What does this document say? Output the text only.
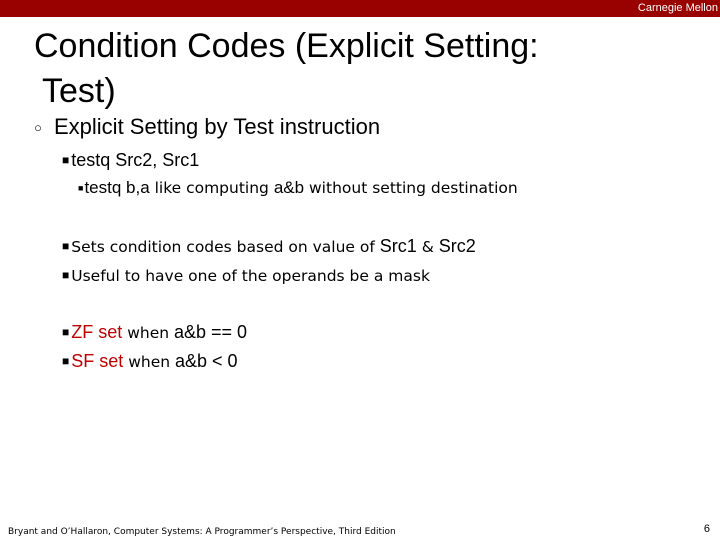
Carnegie Mellon
Condition Codes (Explicit Setting:
Test)
○ Explicit Setting by Test instruction
■ testq Src2, Src1
■testq b,a like computing a&b without setting destination
■ Sets condition codes based on value of Src1 & Src2
■ Useful to have one of the operands be a mask
■ ZF set when a&b == 0
■ SF set when a&b < 0
Bryant and O’Hallaron, Computer Systems: A Programmer’s Perspective, Third Edition	6
